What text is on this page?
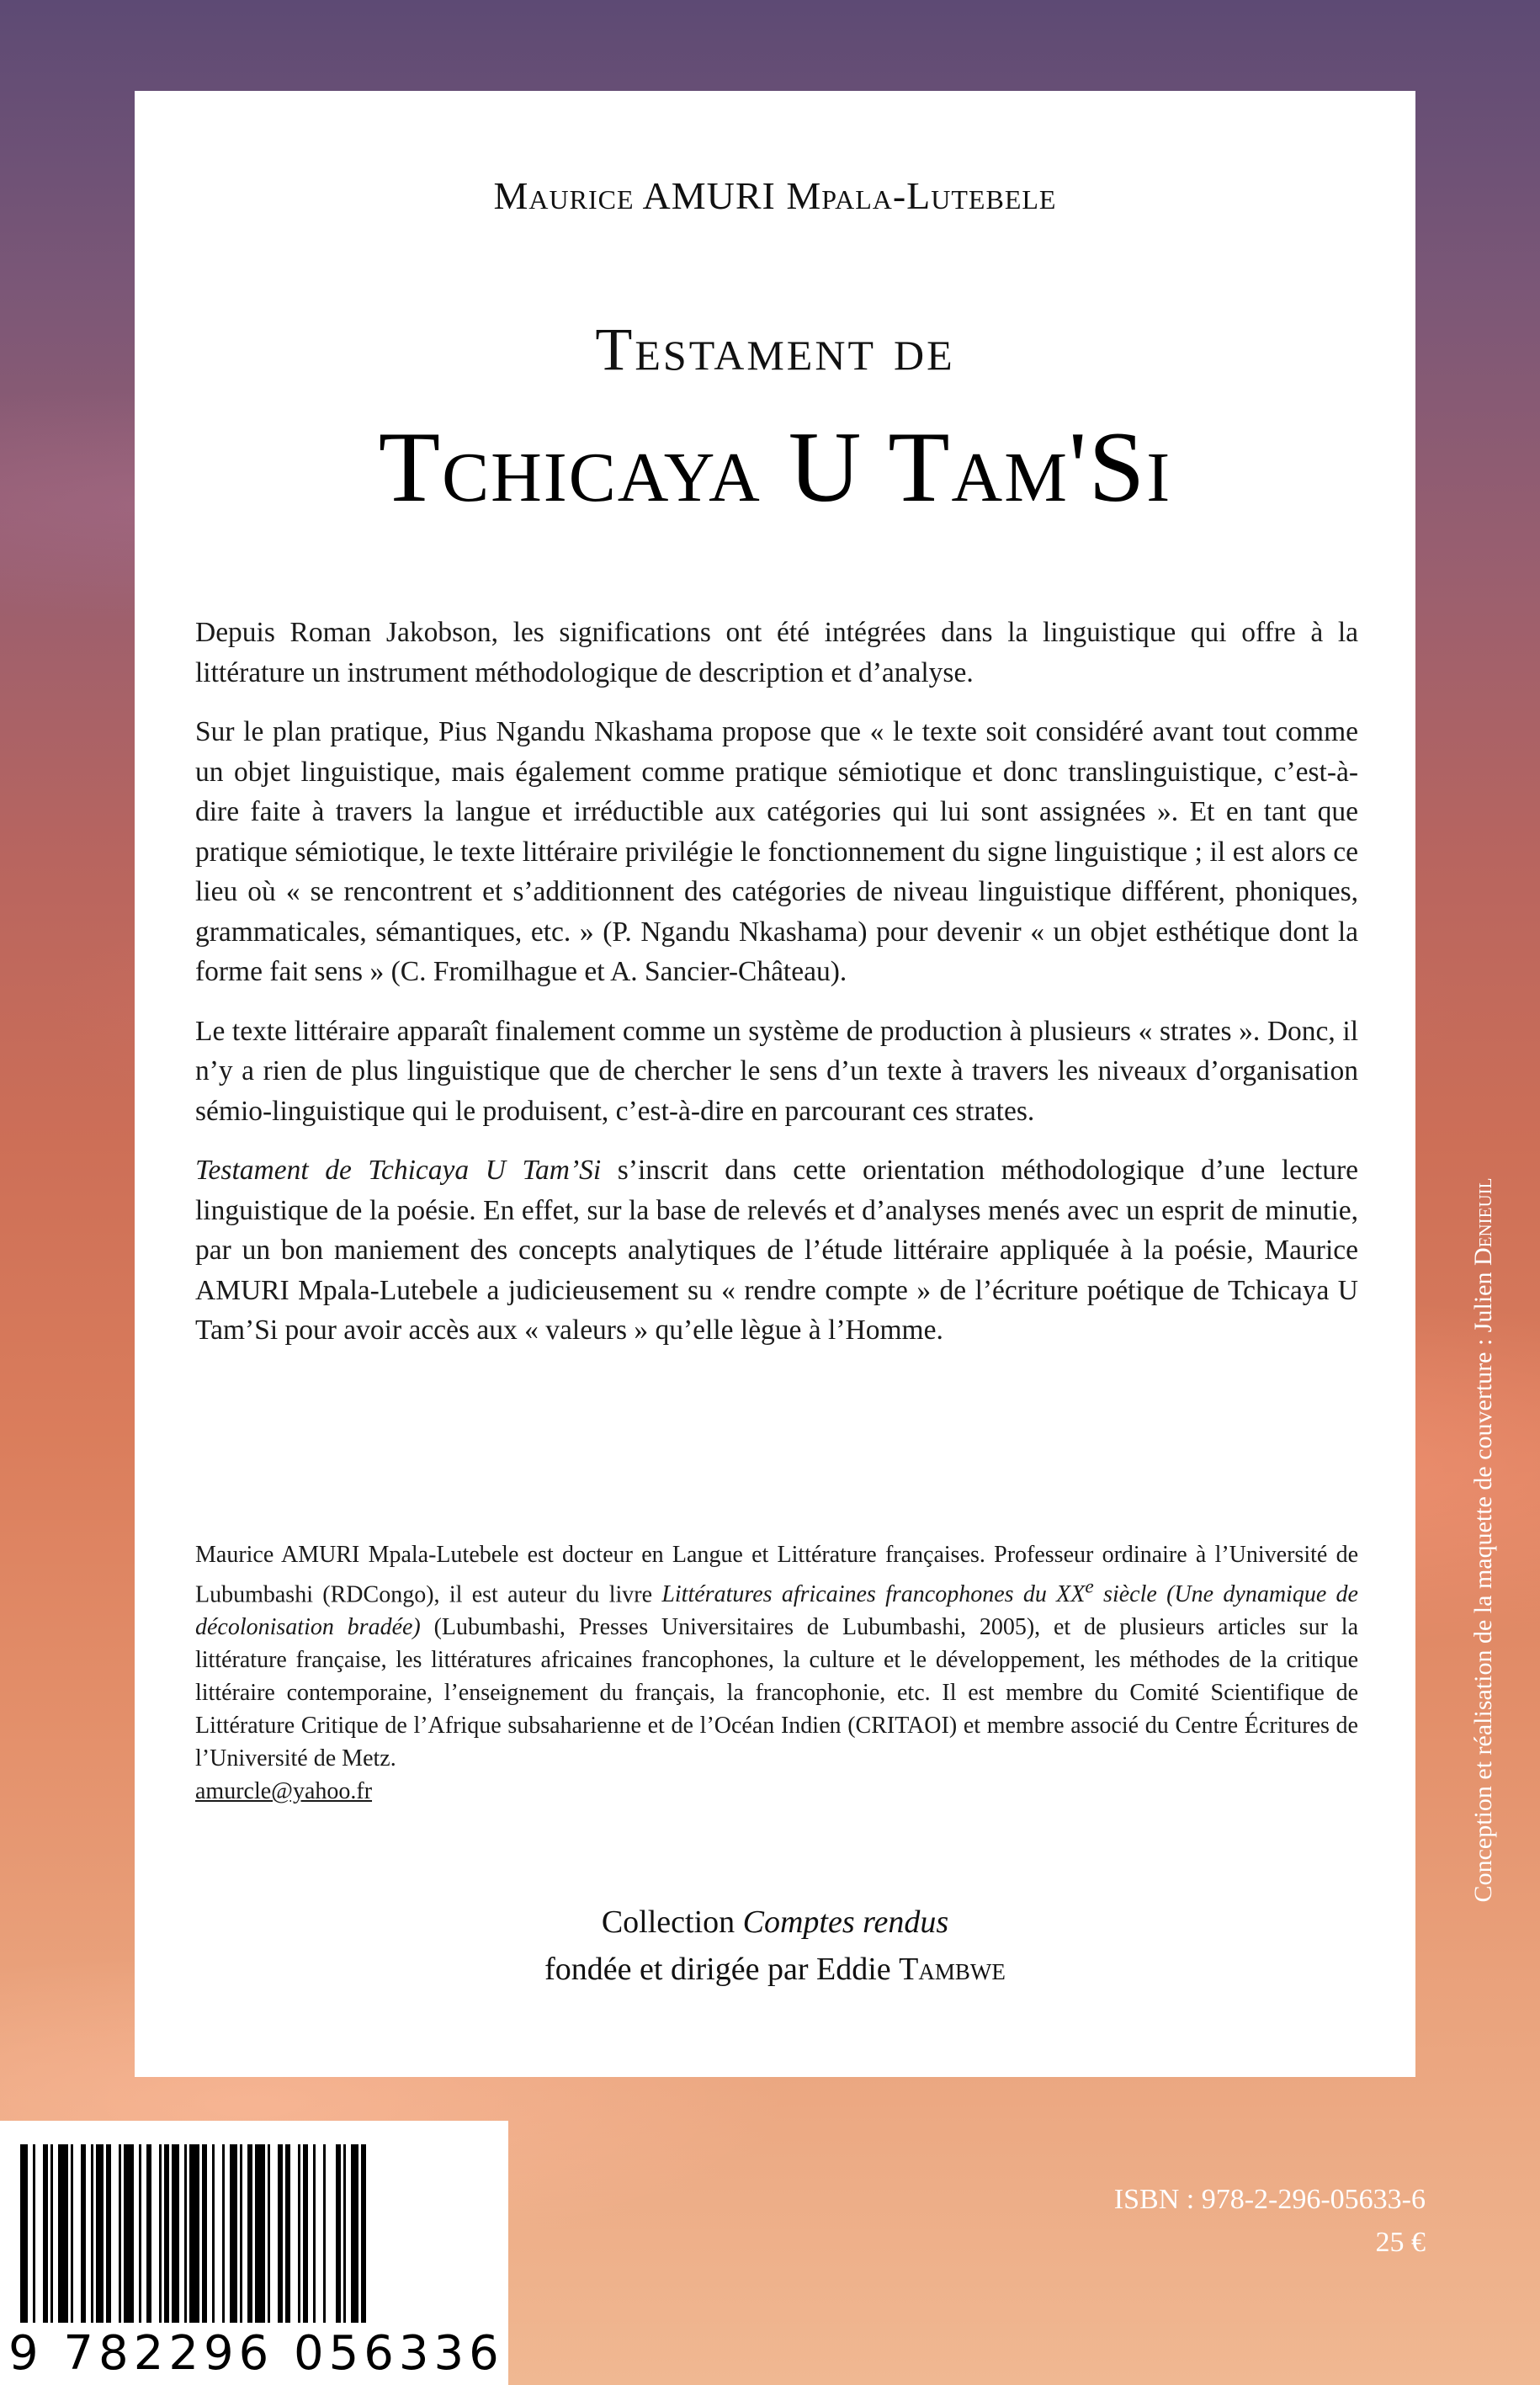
Maurice AMURI Mpala-Lutebele
Testament de
Tchicaya U Tam'Si

Depuis Roman Jakobson, les significations ont été intégrées dans la linguistique qui offre à la littérature un instrument méthodologique de description et d’analyse.

Sur le plan pratique, Pius Ngandu Nkashama propose que « le texte soit considéré avant tout comme un objet linguistique, mais également comme pratique sémiotique et donc translinguistique, c’est-à-dire faite à travers la langue et irréductible aux catégories qui lui sont assignées ». Et en tant que pratique sémiotique, le texte littéraire privilégie le fonctionnement du signe linguistique ; il est alors ce lieu où « se rencontrent et s’additionnent des catégories de niveau linguistique différent, phoniques, grammaticales, sémantiques, etc. » (P. Ngandu Nkashama) pour devenir « un objet esthétique dont la forme fait sens » (C. Fromilhague et A. Sancier-Château).

Le texte littéraire apparaît finalement comme un système de production à plusieurs « strates ». Donc, il n’y a rien de plus linguistique que de chercher le sens d’un texte à travers les niveaux d’organisation sémio-linguistique qui le produisent, c’est-à-dire en parcourant ces strates.

Testament de Tchicaya U Tam’Si s’inscrit dans cette orientation méthodologique d’une lecture linguistique de la poésie. En effet, sur la base de relevés et d’analyses menés avec un esprit de minutie, par un bon maniement des concepts analytiques de l’étude littéraire appliquée à la poésie, Maurice AMURI Mpala-Lutebele a judicieusement su « rendre compte » de l’écriture poétique de Tchicaya U Tam’Si pour avoir accès aux « valeurs » qu’elle lègue à l’Homme.

Maurice AMURI Mpala-Lutebele est docteur en Langue et Littérature françaises. Professeur ordinaire à l’Université de Lubumbashi (RDCongo), il est auteur du livre Littératures africaines francophones du XXe siècle (Une dynamique de décolonisation bradée) (Lubumbashi, Presses Universitaires de Lubumbashi, 2005), et de plusieurs articles sur la littérature française, les littératures africaines francophones, la culture et le développement, les méthodes de la critique littéraire contemporaine, l’enseignement du français, la francophonie, etc. Il est membre du Comité Scientifique de Littérature Critique de l’Afrique subsaharienne et de l’Océan Indien (CRITAOI) et membre associé du Centre Écritures de l’Université de Metz.

amurcle@yahoo.fr
Collection Comptes rendus
fondée et dirigée par Eddie Tambwe
Conception et réalisation de la maquette de couverture : Julien Denieuil
9 782296 056336
ISBN : 978-2-296-05633-6
25 €
